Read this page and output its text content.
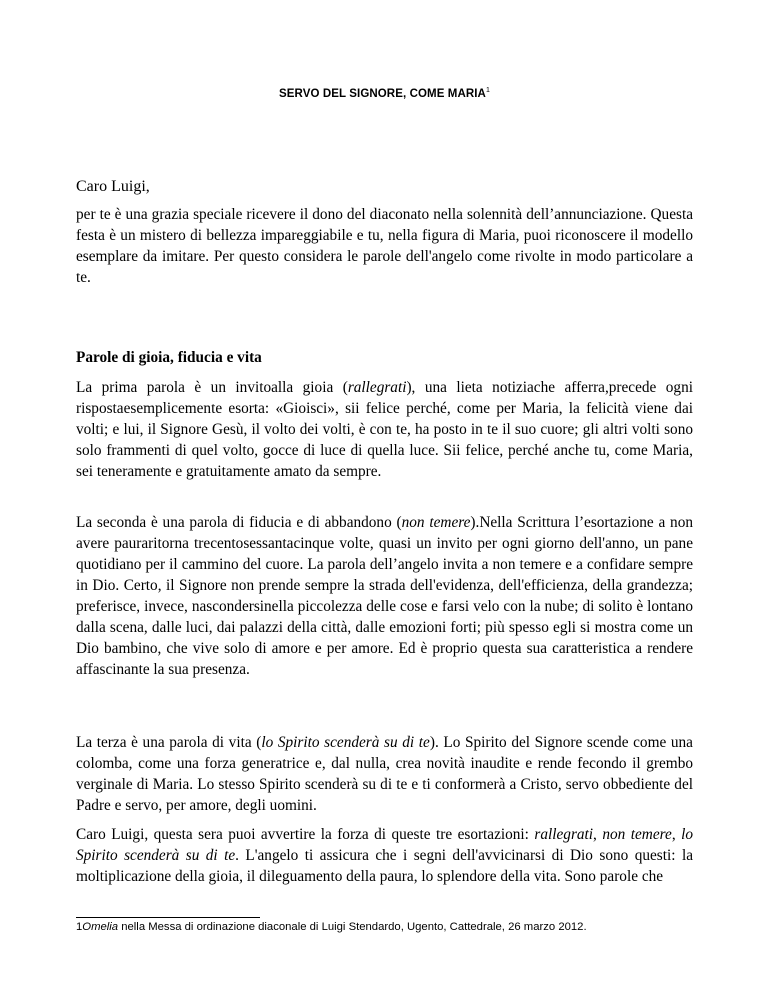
SERVO DEL SIGNORE, COME MARIA$^1$
Caro Luigi,

per te è una grazia speciale ricevere il dono del diaconato nella solennità dell’annunciazione. Questa festa è un mistero di bellezza impareggiabile e tu, nella figura di Maria, puoi riconoscere il modello esemplare da imitare. Per questo considera le parole dell'angelo come rivolte in modo particolare a te.

Parole di gioia, fiducia e vita

La prima parola è un invitoalla gioia (rallegrati), una lieta notiziache afferra,precede ogni rispostaesemplicemente esorta: «Gioisci», sii felice perché, come per Maria, la felicità viene dai volti; e lui, il Signore Gesù, il volto dei volti, è con te, ha posto in te il suo cuore; gli altri volti sono solo frammenti di quel volto, gocce di luce di quella luce. Sii felice, perché anche tu, come Maria, sei teneramente e gratuitamente amato da sempre.

La seconda è una parola di fiducia e di abbandono (non temere).Nella Scrittura l’esortazione a non avere pauraritorna trecentosessantacinque volte, quasi un invito per ogni giorno dell'anno, un pane quotidiano per il cammino del cuore. La parola dell’angelo invita a non temere e a confidare sempre in Dio. Certo, il Signore non prende sempre la strada dell'evidenza, dell'efficienza, della grandezza; preferisce, invece, nascondersinella piccolezza delle cose e farsi velo con la nube; di solito è lontano dalla scena, dalle luci, dai palazzi della città, dalle emozioni forti; più spesso egli si mostra come un Dio bambino, che vive solo di amore e per amore. Ed è proprio questa sua caratteristica a rendere affascinante la sua presenza.

La terza è una parola di vita (lo Spirito scenderà su di te). Lo Spirito del Signore scende come una colomba, come una forza generatrice e, dal nulla, crea novità inaudite e rende fecondo il grembo verginale di Maria. Lo stesso Spirito scenderà su di te e ti conformerà a Cristo, servo obbediente del Padre e servo, per amore, degli uomini.

Caro Luigi, questa sera puoi avvertire la forza di queste tre esortazioni: rallegrati, non temere, lo Spirito scenderà su di te. L'angelo ti assicura che i segni dell'avvicinarsi di Dio sono questi: la moltiplicazione della gioia, il dileguamento della paura, lo splendore della vita. Sono parole che

1Omelia nella Messa di ordinazione diaconale di Luigi Stendardo, Ugento, Cattedrale, 26 marzo 2012.
